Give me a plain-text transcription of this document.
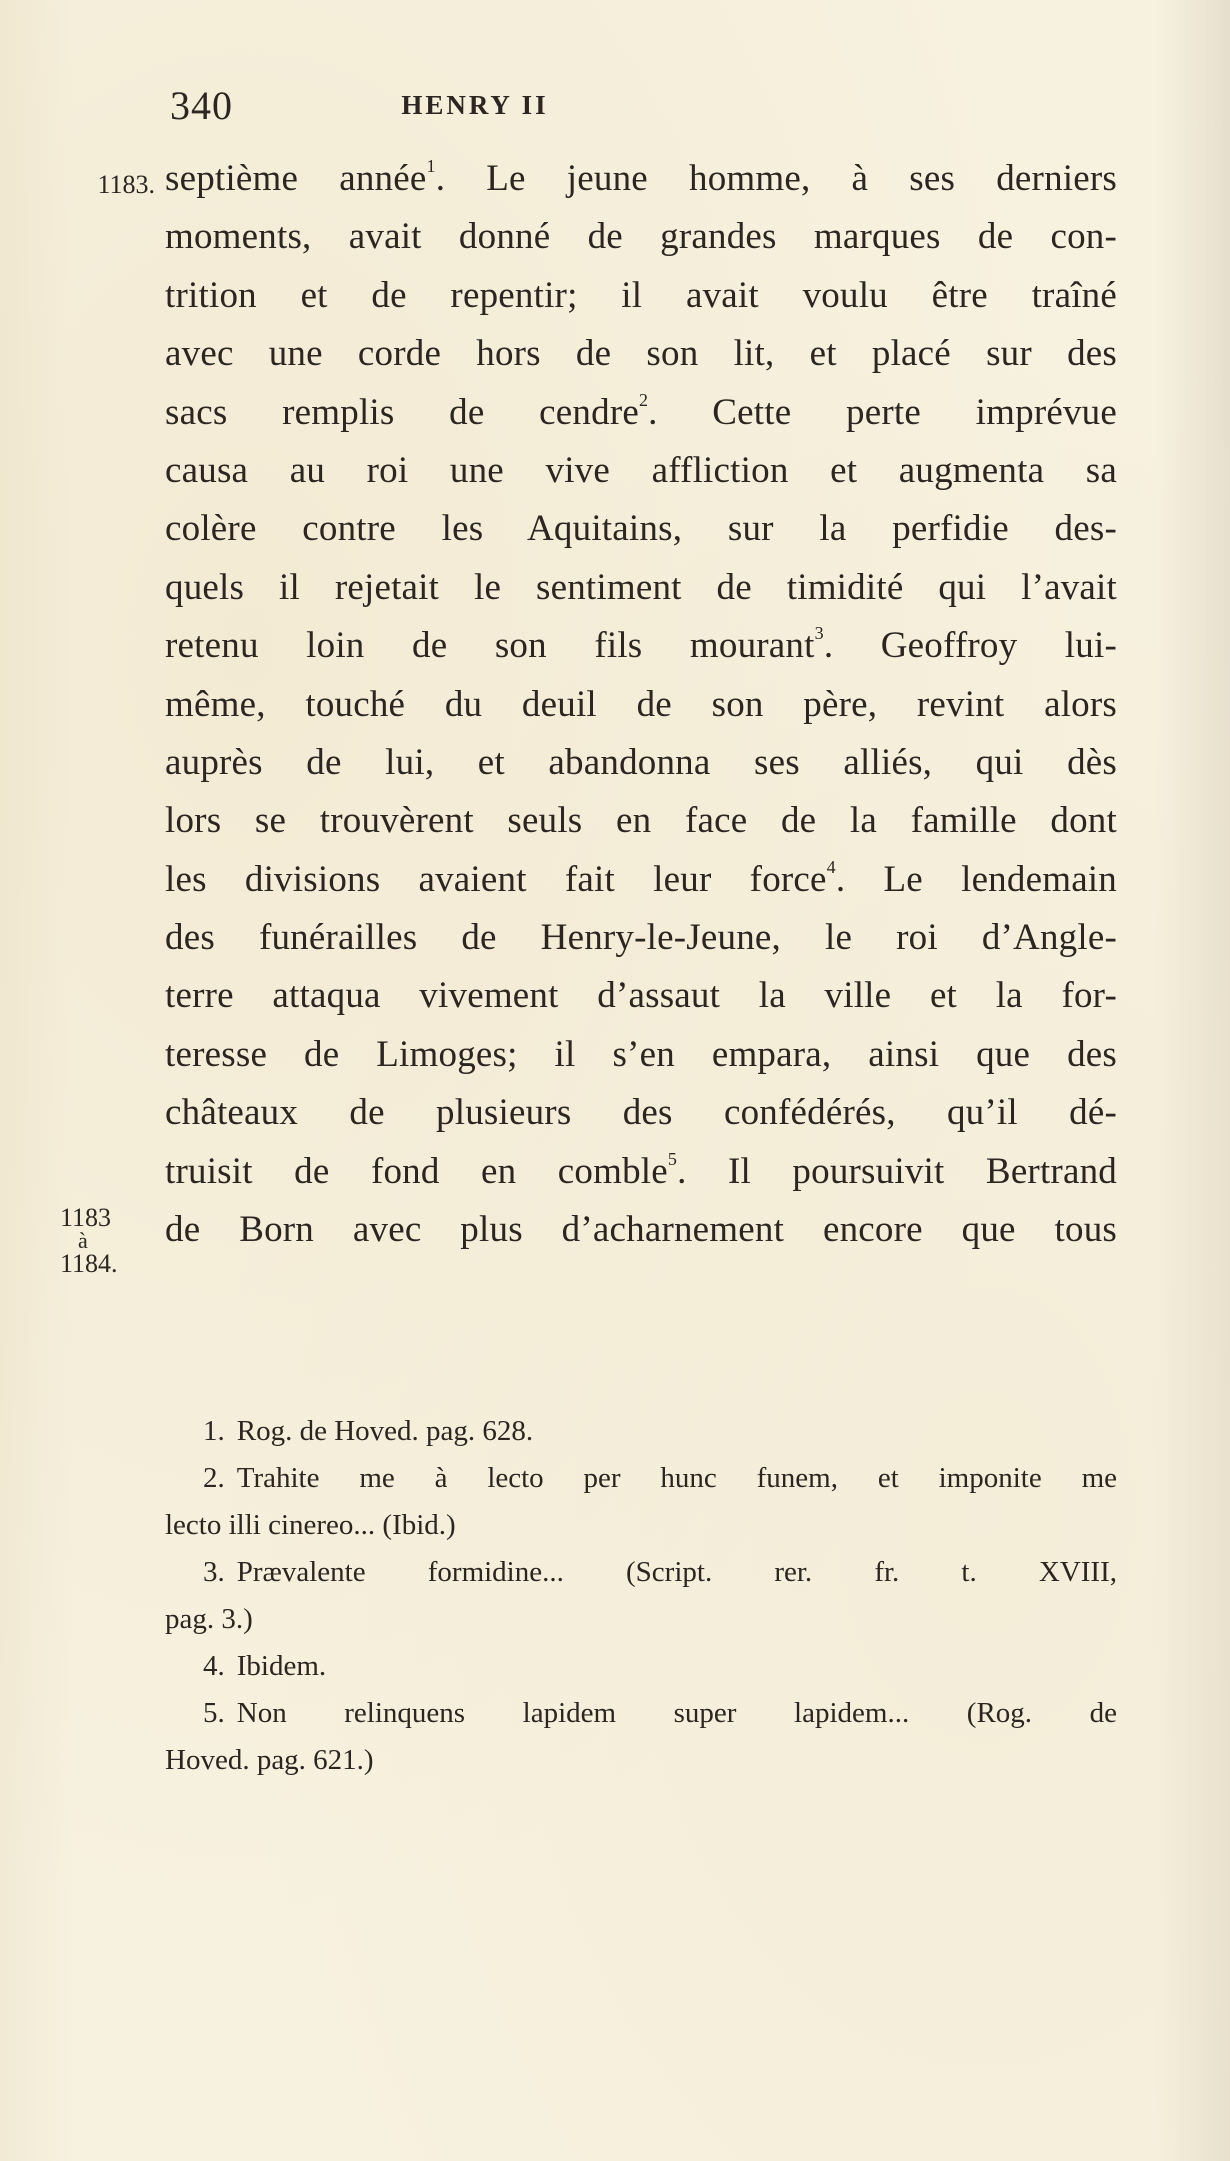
340	HENRY II
1183. septième année$^1$. Le jeune homme, à ses derniers
moments, avait donné de grandes marques de con-
trition et de repentir; il avait voulu être traîné
avec une corde hors de son lit, et placé sur des
sacs remplis de cendre$^2$. Cette perte imprévue
causa au roi une vive affliction et augmenta sa
colère contre les Aquitains, sur la perfidie des-
quels il rejetait le sentiment de timidité qui l’avait
retenu loin de son fils mourant$^3$. Geoffroy lui-
même, touché du deuil de son père, revint alors
auprès de lui, et abandonna ses alliés, qui dès
lors se trouvèrent seuls en face de la famille dont
les divisions avaient fait leur force$^4$. Le lendemain
des funérailles de Henry-le-Jeune, le roi d’Angle-
terre attaqua vivement d’assaut la ville et la for-
teresse de Limoges; il s’en empara, ainsi que des
châteaux de plusieurs des confédérés, qu’il dé-
truisit de fond en comble$^5$. Il poursuivit Bertrand
de Born avec plus d’acharnement encore que tous
1183
à
1184.
1. Rog. de Hoved. pag. 628.
2. Trahite me à lecto per hunc funem, et imponite me
lecto illi cinereo... (Ibid.)
3. Prævalente formidine... (Script. rer. fr. t. XVIII,
pag. 3.)
4. Ibidem.
5. Non relinquens lapidem super lapidem... (Rog. de
Hoved. pag. 621.)
